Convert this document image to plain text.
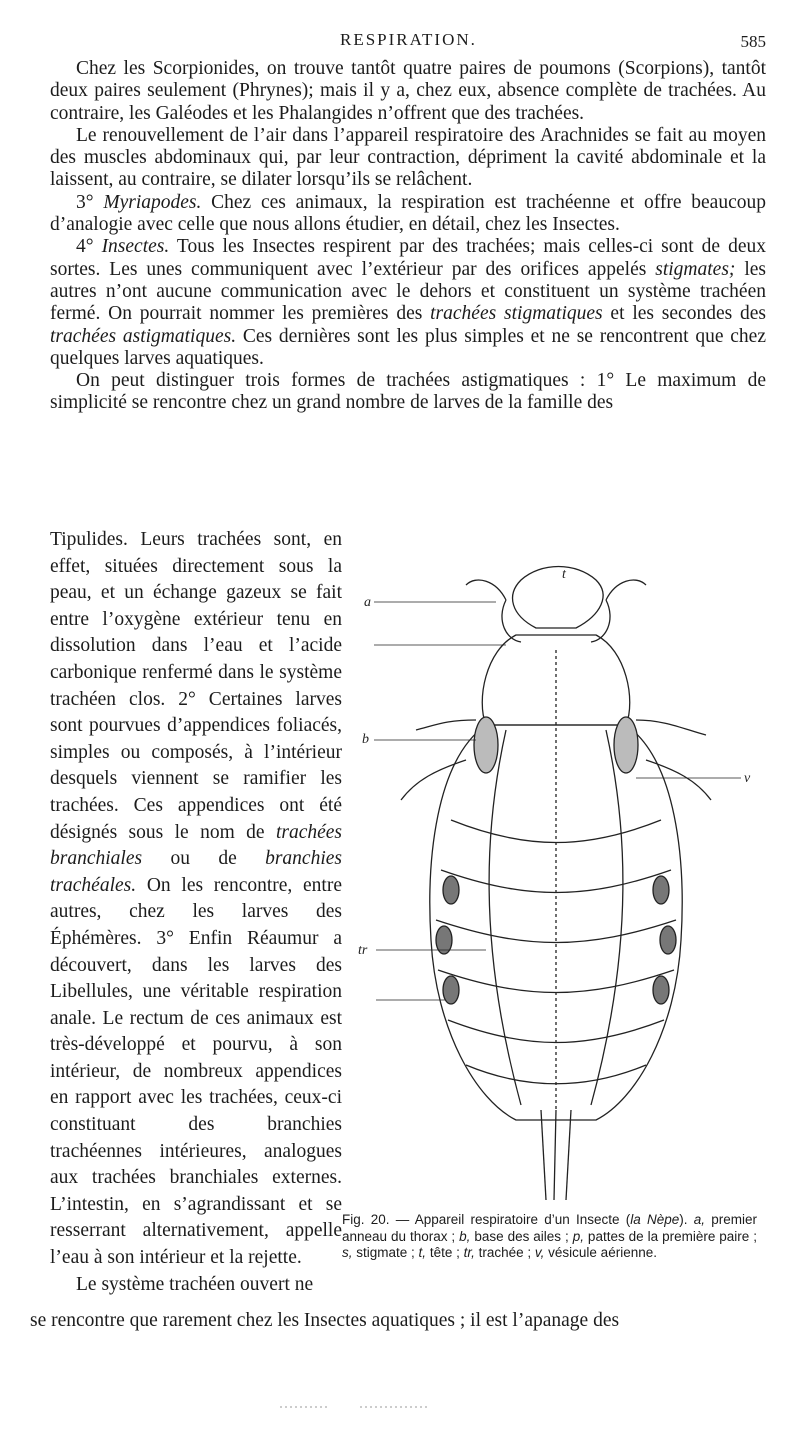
RESPIRATION.	585

Chez les Scorpionides, on trouve tantôt quatre paires de poumons (Scorpions), tantôt deux paires seulement (Phrynes); mais il y a, chez eux, absence complète de trachées. Au contraire, les Galéodes et les Phalangides n’offrent que des trachées.

Le renouvellement de l’air dans l’appareil respiratoire des Arachnides se fait au moyen des muscles abdominaux qui, par leur contraction, dépriment la cavité abdominale et la laissent, au contraire, se dilater lorsqu’ils se relâchent.

3° Myriapodes. Chez ces animaux, la respiration est trachéenne et offre beaucoup d’analogie avec celle que nous allons étudier, en détail, chez les Insectes.

4° Insectes. Tous les Insectes respirent par des trachées; mais celles-ci sont de deux sortes. Les unes communiquent avec l’extérieur par des orifices appelés stigmates; les autres n’ont aucune communication avec le dehors et constituent un système trachéen fermé. On pourrait nommer les premières des trachées stigmatiques et les secondes des trachées astigmatiques. Ces dernières sont les plus simples et ne se rencontrent que chez quelques larves aquatiques.

On peut distinguer trois formes de trachées astigmatiques : 1° Le maximum de simplicité se rencontre chez un grand nombre de larves de la famille des

Tipulides. Leurs trachées sont, en effet, situées directement sous la peau, et un échange gazeux se fait entre l’oxygène extérieur tenu en dissolution dans l’eau et l’acide carbonique renfermé dans le système trachéen clos. 2° Certaines larves sont pourvues d’appendices foliacés, simples ou composés, à l’intérieur desquels viennent se ramifier les trachées. Ces appendices ont été désignés sous le nom de trachées branchiales ou de branchies trachéales. On les rencontre, entre autres, chez les larves des Éphémères. 3° Enfin Réaumur a découvert, dans les larves des Libellules, une véritable respiration anale. Le rectum de ces animaux est très-développé et pourvu, à son intérieur, de nombreux appendices en rapport avec les trachées, ceux-ci constituant des branchies trachéennes intérieures, analogues aux trachées branchiales externes. L’intestin, en s’agrandissant et se resserrant alternativement, appelle l’eau à son intérieur et la rejette.

Le système trachéen ouvert ne

se rencontre que rarement chez les Insectes aquatiques ; il est l’apanage des
t
a
b
v
tr
Fig. 20. — Appareil respiratoire d’un Insecte (la Nèpe). a, premier anneau du thorax ; b, base des ailes ; p, pattes de la première paire ; s, stigmate ; t, tête ; tr, trachée ; v, vésicule aérienne.
